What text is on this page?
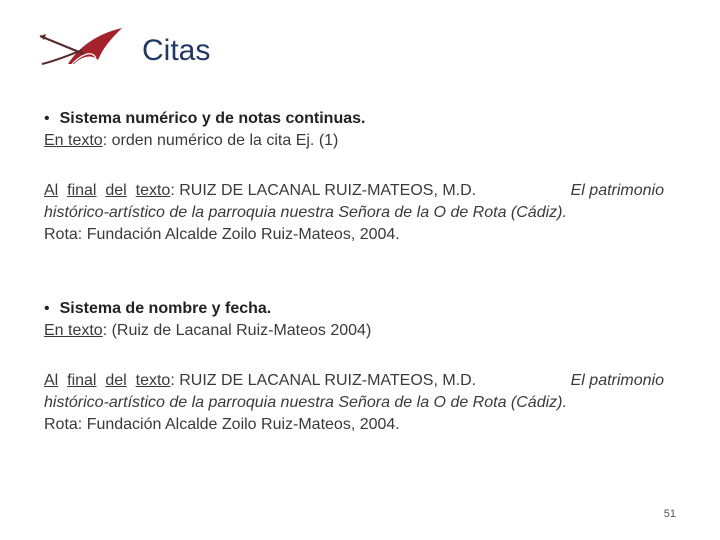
Citas
• Sistema numérico y de notas continuas.
En texto: orden numérico de la cita Ej. (1)
Al final del texto: RUIZ DE LACANAL RUIZ-MATEOS, M.D.	El patrimonio
histórico-artístico de la parroquia nuestra Señora de la O de Rota (Cádiz).
Rota: Fundación Alcalde Zoilo Ruiz-Mateos, 2004.
• Sistema de nombre y fecha.
En texto: (Ruiz de Lacanal Ruiz-Mateos 2004)
Al final del texto: RUIZ DE LACANAL RUIZ-MATEOS, M.D.	El patrimonio
histórico-artístico de la parroquia nuestra Señora de la O de Rota (Cádiz).
Rota: Fundación Alcalde Zoilo Ruiz-Mateos, 2004.
51
